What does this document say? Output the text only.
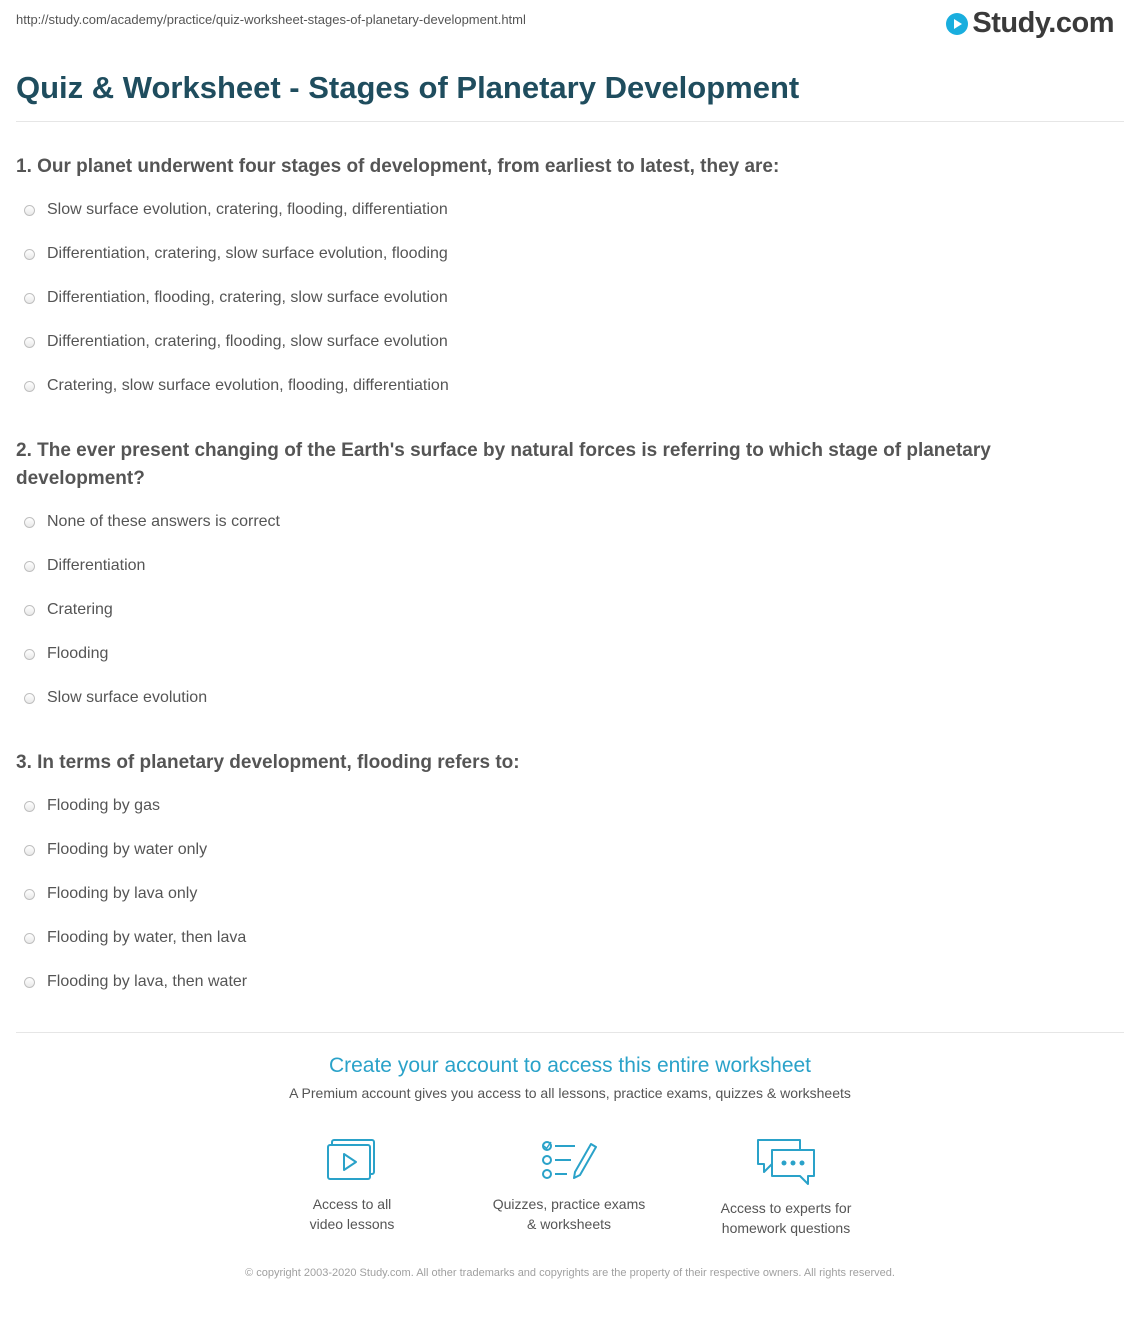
http://study.com/academy/practice/quiz-worksheet-stages-of-planetary-development.html	Study.com
Quiz & Worksheet - Stages of Planetary Development

1. Our planet underwent four stages of development, from earliest to latest, they are:

Slow surface evolution, cratering, flooding, differentiation
Differentiation, cratering, slow surface evolution, flooding
Differentiation, flooding, cratering, slow surface evolution
Differentiation, cratering, flooding, slow surface evolution
Cratering, slow surface evolution, flooding, differentiation

2. The ever present changing of the Earth's surface by natural forces is referring to which stage of planetary development?

None of these answers is correct
Differentiation
Cratering
Flooding
Slow surface evolution

3. In terms of planetary development, flooding refers to:

Flooding by gas
Flooding by water only
Flooding by lava only
Flooding by water, then lava
Flooding by lava, then water
Create your account to access this entire worksheet
A Premium account gives you access to all lessons, practice exams, quizzes & worksheets
Access to all
video lessons
Quizzes, practice exams
& worksheets
Access to experts for
homework questions
© copyright 2003-2020 Study.com. All other trademarks and copyrights are the property of their respective owners. All rights reserved.
